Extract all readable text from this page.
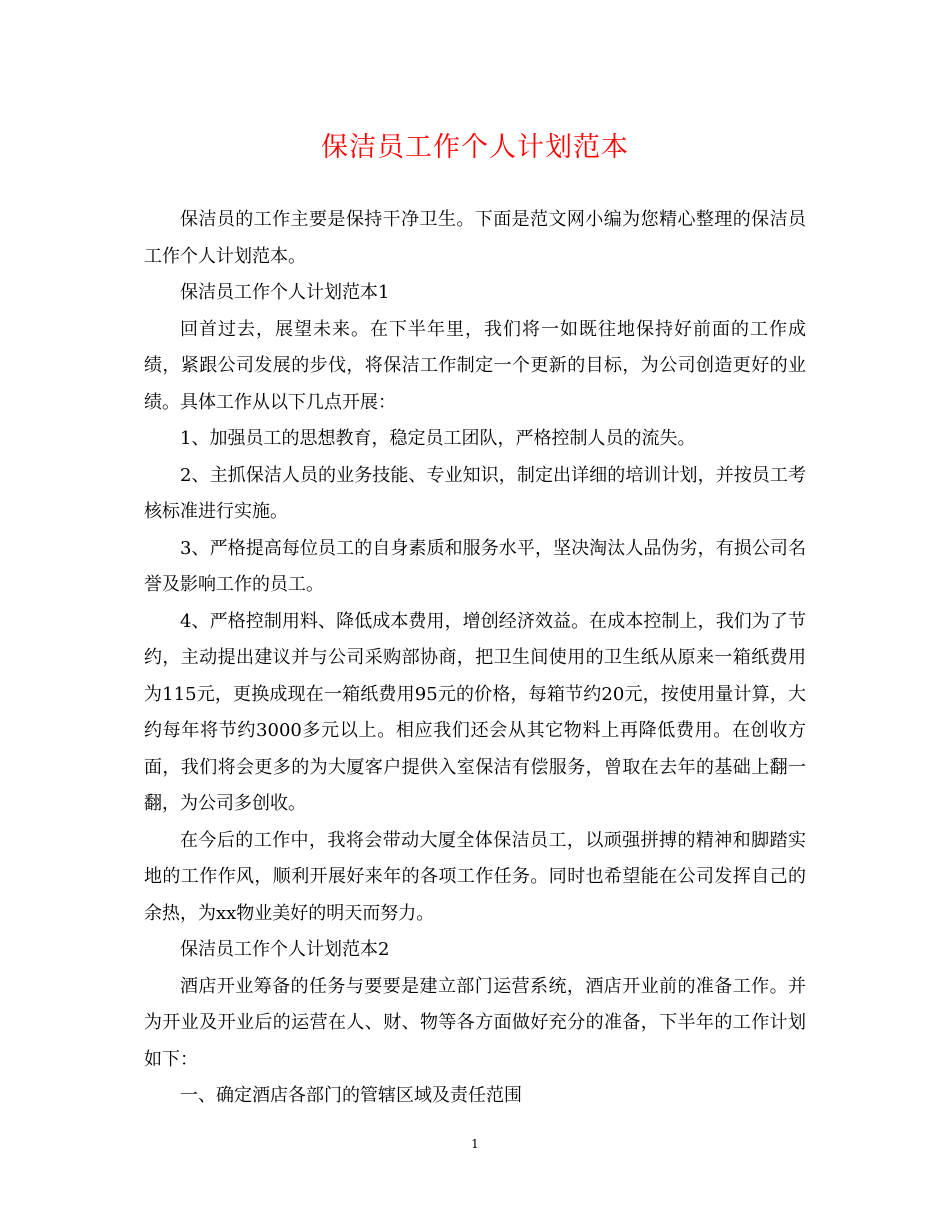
保洁员工作个人计划范本

保洁员的工作主要是保持干净卫生。下面是范文网小编为您精心整理的保洁员工作个人计划范本。

保洁员工作个人计划范本1

回首过去，展望未来。在下半年里，我们将一如既往地保持好前面的工作成绩，紧跟公司发展的步伐，将保洁工作制定一个更新的目标，为公司创造更好的业绩。具体工作从以下几点开展：

1、加强员工的思想教育，稳定员工团队，严格控制人员的流失。

2、主抓保洁人员的业务技能、专业知识，制定出详细的培训计划，并按员工考核标准进行实施。

3、严格提高每位员工的自身素质和服务水平，坚决淘汰人品伪劣，有损公司名誉及影响工作的员工。

4、严格控制用料、降低成本费用，增创经济效益。在成本控制上，我们为了节约，主动提出建议并与公司采购部协商，把卫生间使用的卫生纸从原来一箱纸费用为115元，更换成现在一箱纸费用95元的价格，每箱节约20元，按使用量计算，大约每年将节约3000多元以上。相应我们还会从其它物料上再降低费用。在创收方面，我们将会更多的为大厦客户提供入室保洁有偿服务，曾取在去年的基础上翻一翻，为公司多创收。

在今后的工作中，我将会带动大厦全体保洁员工，以顽强拼搏的精神和脚踏实地的工作作风，顺利开展好来年的各项工作任务。同时也希望能在公司发挥自己的余热，为xx物业美好的明天而努力。

保洁员工作个人计划范本2

酒店开业筹备的任务与要要是建立部门运营系统，酒店开业前的准备工作。并为开业及开业后的运营在人、财、物等各方面做好充分的准备，下半年的工作计划如下：

一、确定酒店各部门的管辖区域及责任范围

1
